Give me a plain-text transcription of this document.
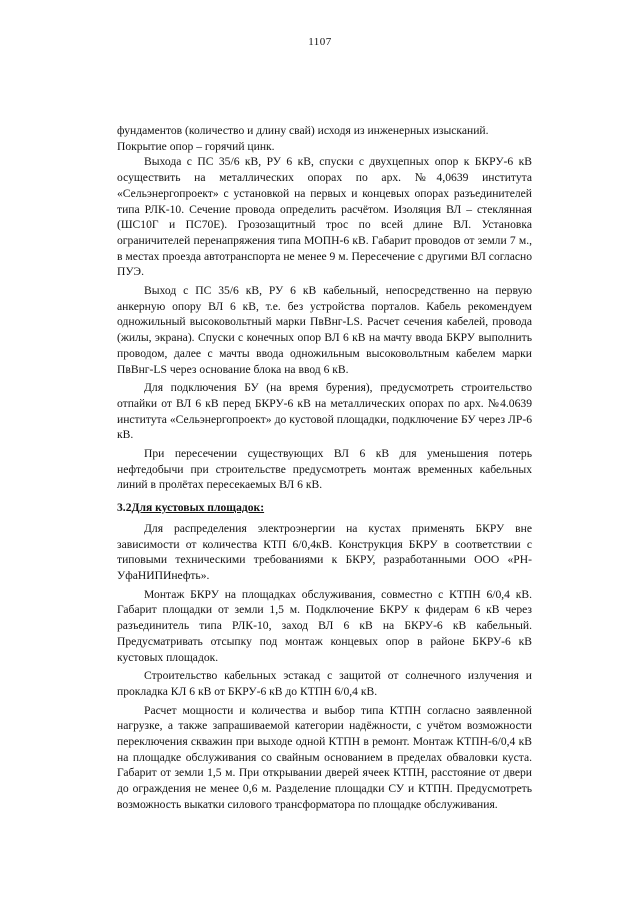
1107

фундаментов (количество и длину свай) исходя из инженерных изысканий.

Покрытие опор – горячий цинк.

Выхода с ПС 35/6 кВ, РУ 6 кВ, спуски с двухцепных опор к БКРУ-6 кВ осуществить на металлических опорах по арх. №4,0639 института «Сельэнергопроект» с установкой на первых и концевых опорах разъединителей типа РЛК-10. Сечение провода определить расчётом. Изоляция ВЛ – стеклянная (ШС10Г и ПС70Е). Грозозащитный трос по всей длине ВЛ. Установка ограничителей перенапряжения типа МОПН-6 кВ. Габарит проводов от земли 7 м., в местах проезда автотранспорта не менее 9 м. Пересечение с другими ВЛ согласно ПУЭ.

Выход с ПС 35/6 кВ, РУ 6 кВ кабельный, непосредственно на первую анкерную опору ВЛ 6 кВ, т.е. без устройства порталов. Кабель рекомендуем одножильный высоковольтный марки ПвВнг-LS. Расчет сечения кабелей, провода (жилы, экрана). Спуски с конечных опор ВЛ 6 кВ на мачту ввода БКРУ выполнить проводом, далее с мачты ввода одножильным высоковольтным кабелем марки ПвВнг-LS через основание блока на ввод 6 кВ.

Для подключения БУ (на время бурения), предусмотреть строительство отпайки от ВЛ 6 кВ перед БКРУ-6 кВ на металлических опорах по арх. №4.0639 института «Сельэнергопроект» до кустовой площадки, подключение БУ через ЛР-6 кВ.

При пересечении существующих ВЛ 6 кВ для уменьшения потерь нефтедобычи при строительстве предусмотреть монтаж временных кабельных линий в пролётах пересекаемых ВЛ 6 кВ.

3.2Для кустовых площадок:

Для распределения электроэнергии на кустах применять БКРУ вне зависимости от количества КТП 6/0,4кВ. Конструкция БКРУ в соответствии с типовыми техническими требованиями к БКРУ, разработанными ООО «РН-УфаНИПИнефть».

Монтаж БКРУ на площадках обслуживания, совместно с КТПН 6/0,4 кВ. Габарит площадки от земли 1,5 м. Подключение БКРУ к фидерам 6 кВ через разъединитель типа РЛК-10, заход ВЛ 6 кВ на БКРУ-6 кВ кабельный. Предусматривать отсыпку под монтаж концевых опор в районе БКРУ-6 кВ кустовых площадок.

Строительство кабельных эстакад с защитой от солнечного излучения и прокладка КЛ 6 кВ от БКРУ-6 кВ до КТПН 6/0,4 кВ.

Расчет мощности и количества и выбор типа КТПН согласно заявленной нагрузке, а также запрашиваемой категории надёжности, с учётом возможности переключения скважин при выходе одной КТПН в ремонт. Монтаж КТПН-6/0,4 кВ на площадке обслуживания со свайным основанием в пределах обваловки куста. Габарит от земли 1,5 м. При открывании дверей ячеек КТПН, расстояние от двери до ограждения не менее 0,6 м. Разделение площадки СУ и КТПН. Предусмотреть возможность выкатки силового трансформатора по площадке обслуживания.
